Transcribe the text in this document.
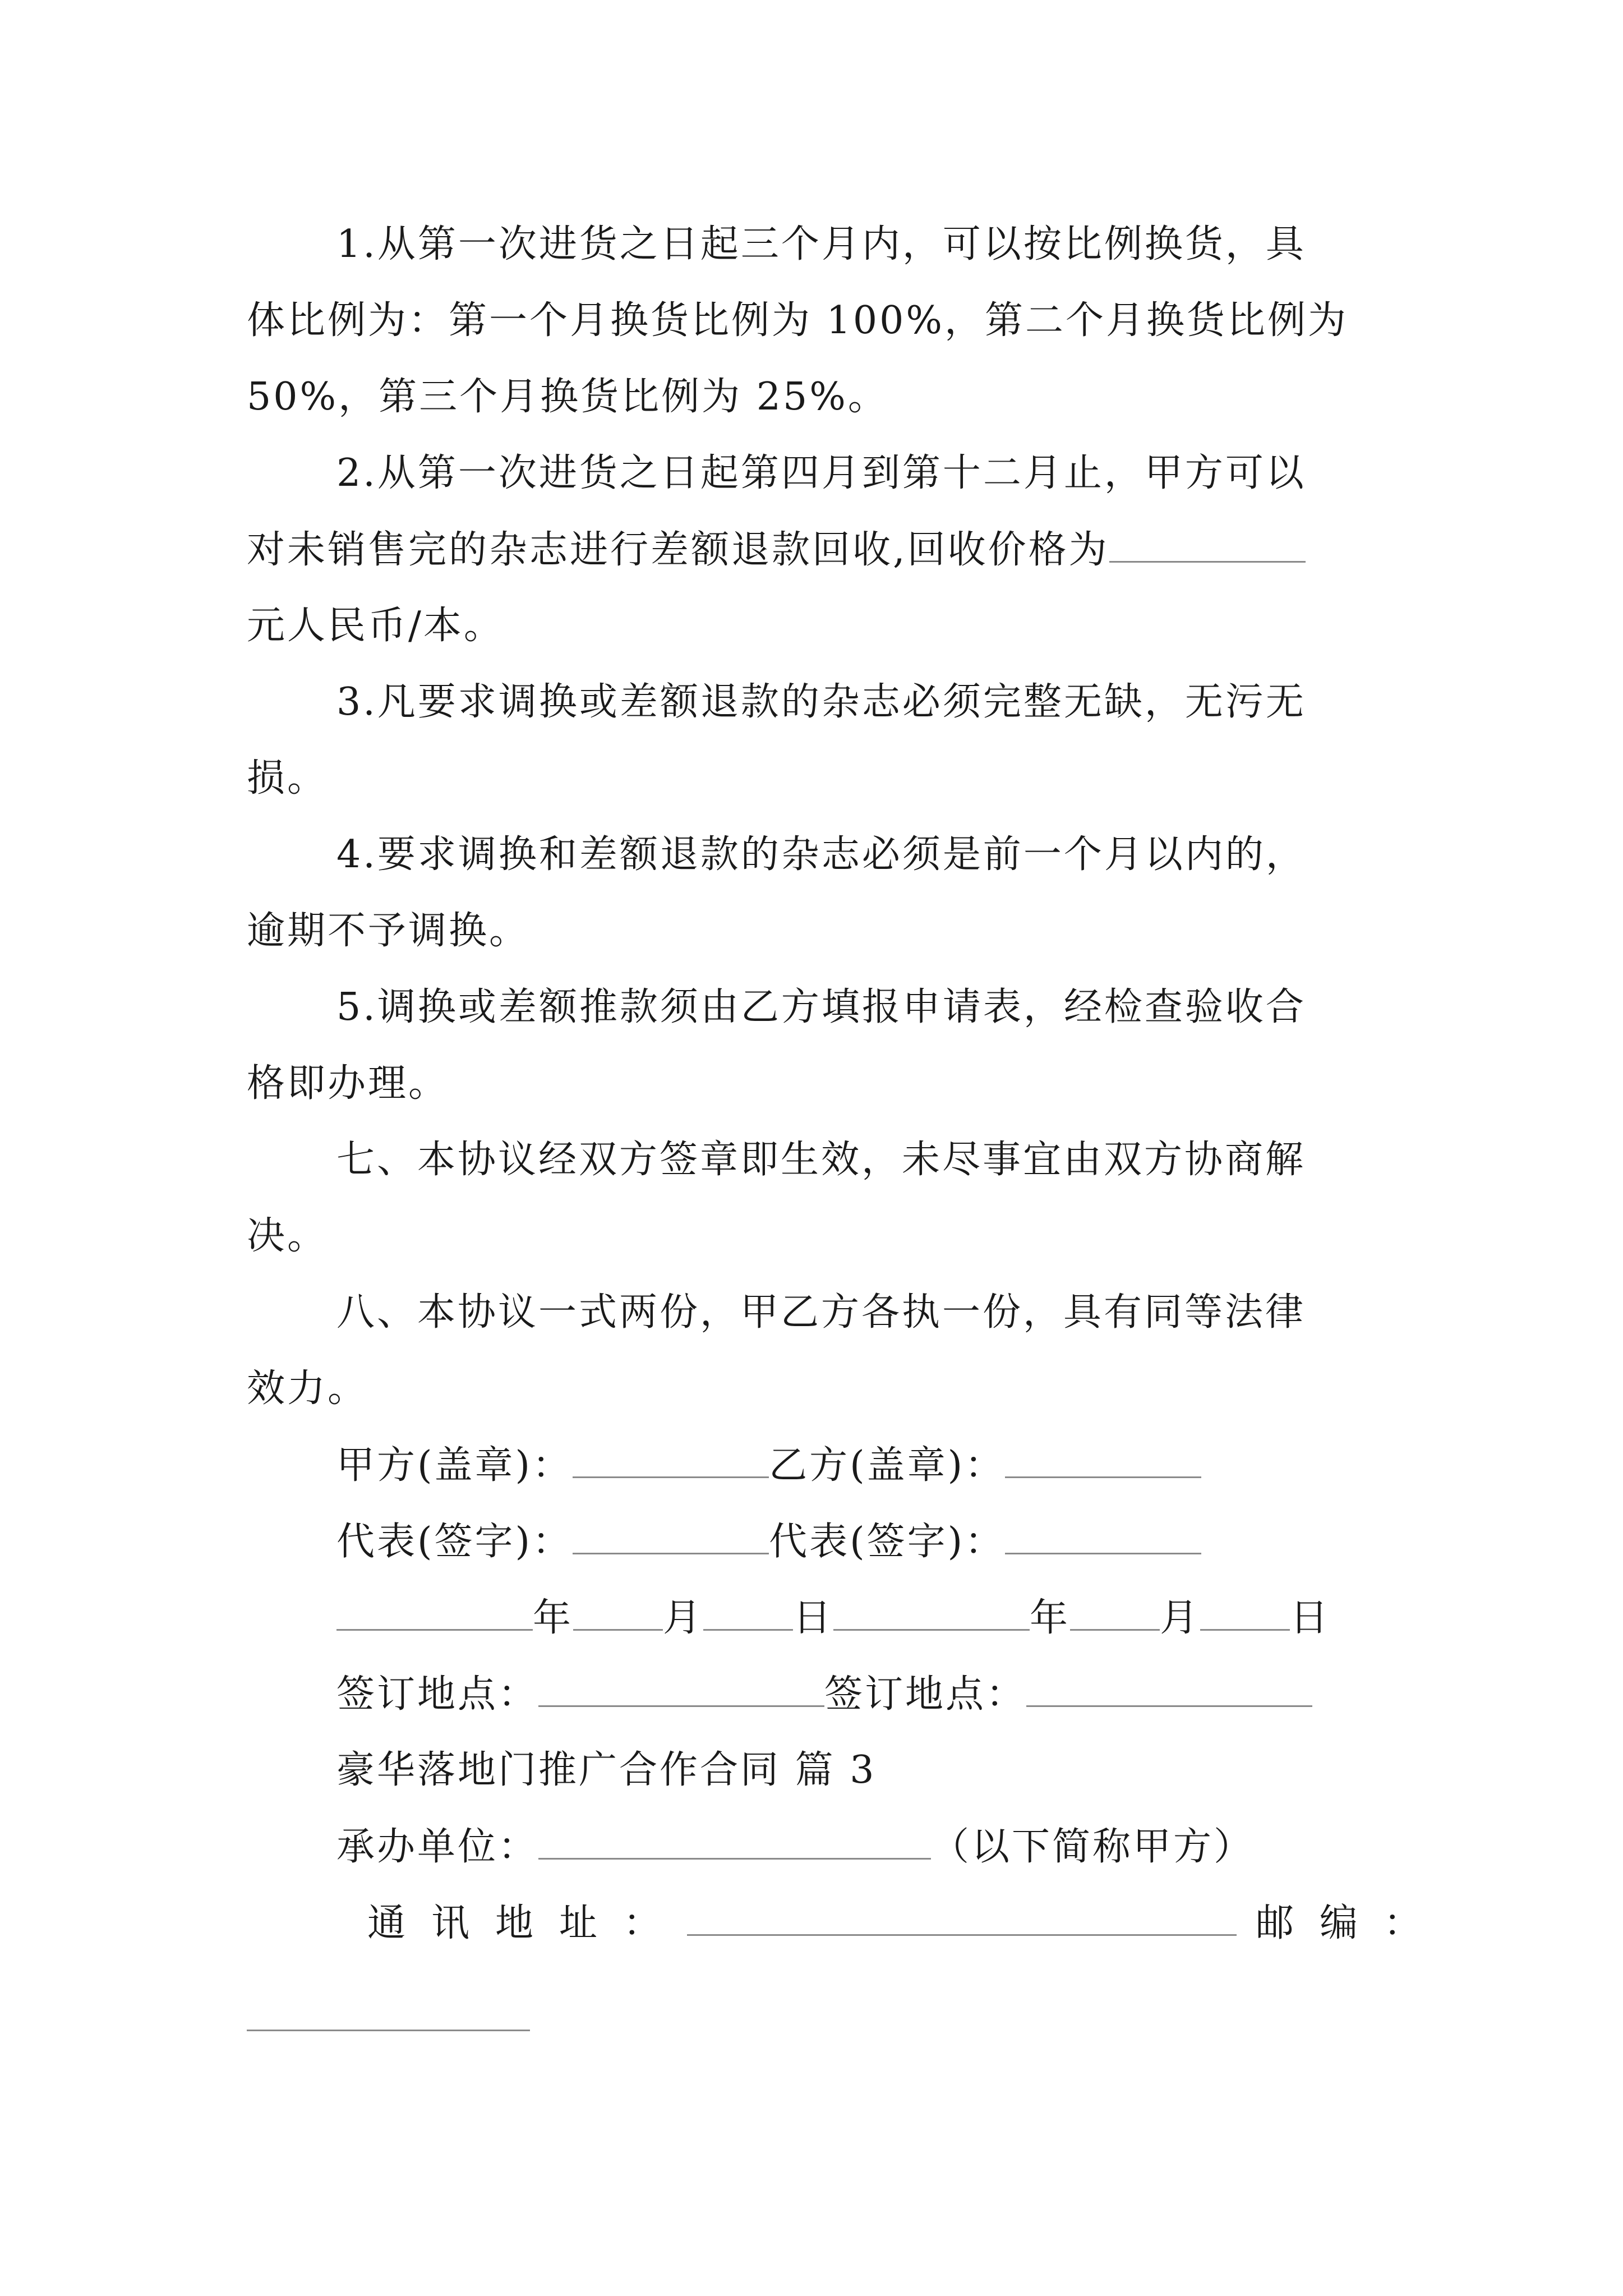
1.从第一次进货之日起三个月内，可以按比例换货，具
体比例为：第一个月换货比例为 100%，第二个月换货比例为
50%，第三个月换货比例为 25%。
2.从第一次进货之日起第四月到第十二月止，甲方可以
对未销售完的杂志进行差额退款回收,回收价格为
元人民币/本。
3.凡要求调换或差额退款的杂志必须完整无缺，无污无
损。
4.要求调换和差额退款的杂志必须是前一个月以内的，
逾期不予调换。
5.调换或差额推款须由乙方填报申请表，经检查验收合
格即办理。
七、本协议经双方签章即生效，未尽事宜由双方协商解
决。
八、本协议一式两份，甲乙方各执一份，具有同等法律
效力。
甲方(盖章)：	乙方(盖章)：
代表(签字)：	代表(签字)：
年 月 日	年 月 日
签订地点：	签订地点：
豪华落地门推广合作合同 篇 3
承办单位：	（以下简称甲方）
通讯地址：	邮编：
